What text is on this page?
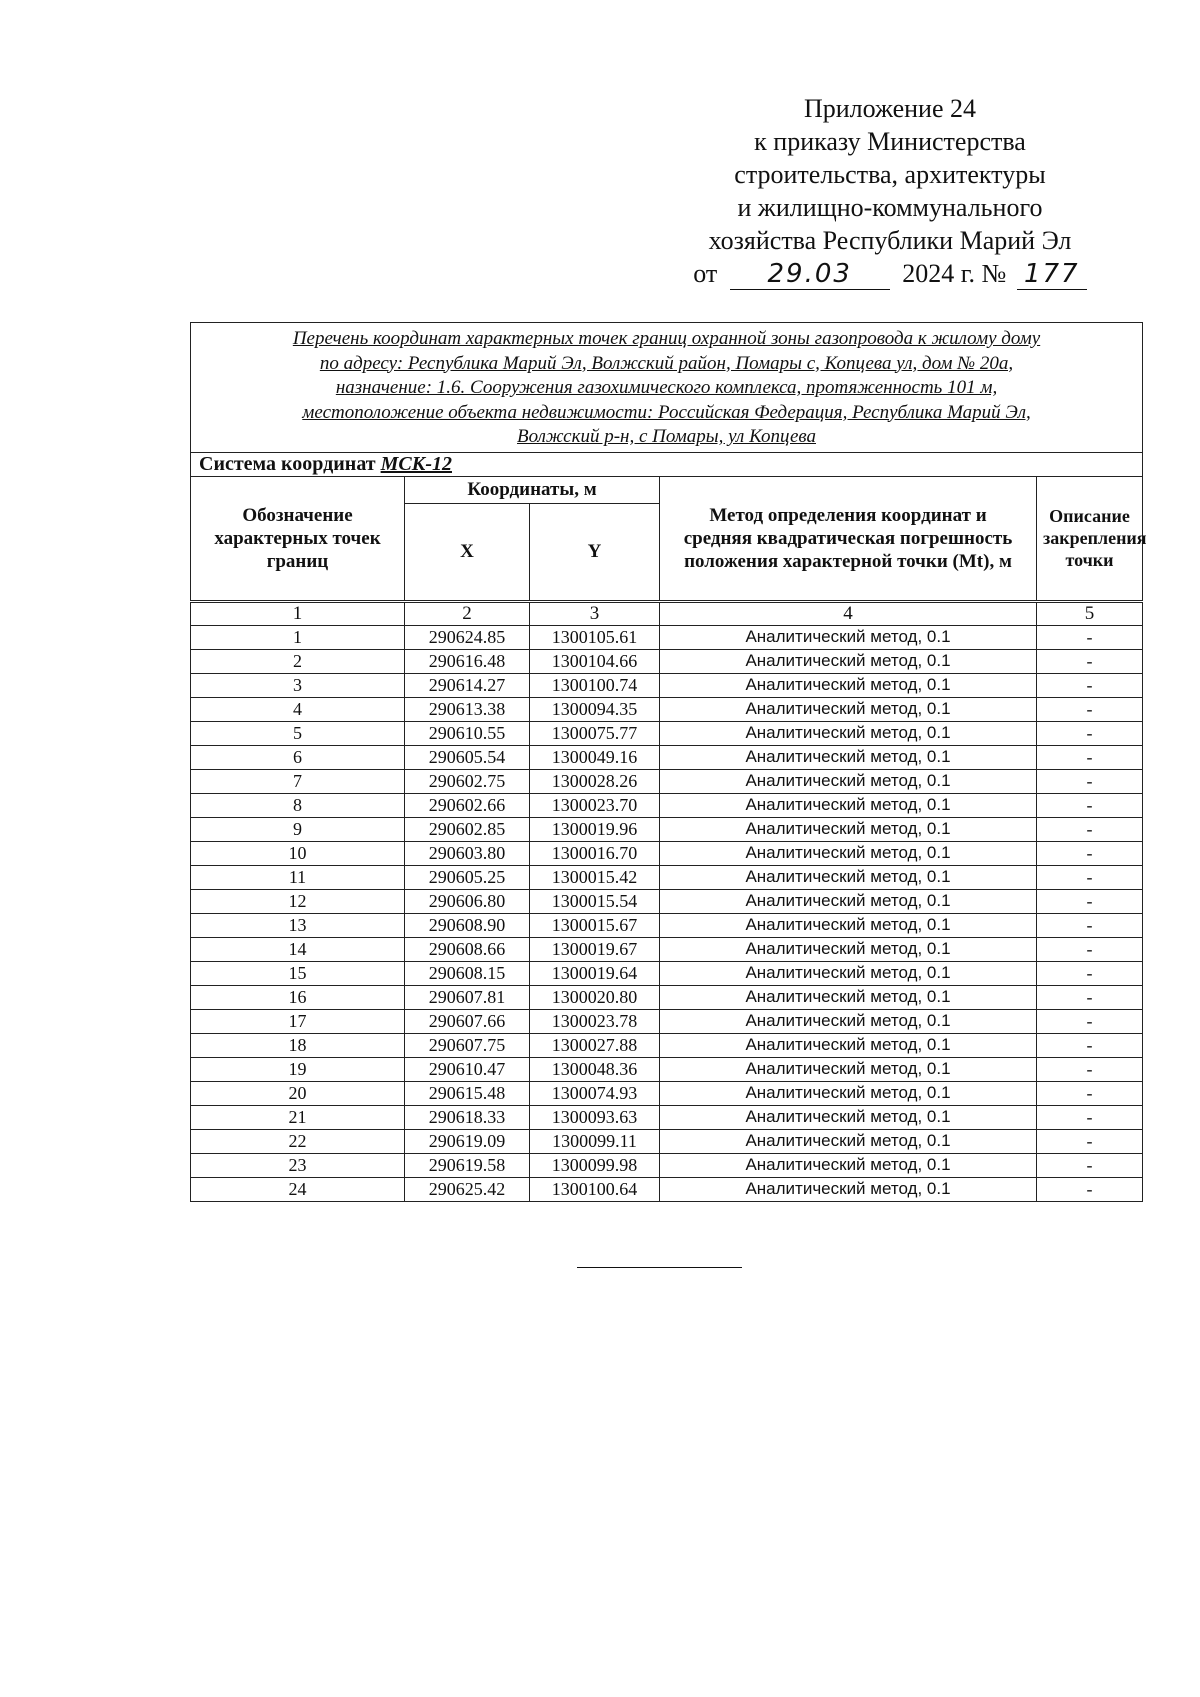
Приложение 24
к приказу Министерства
строительства, архитектуры
и жилищно-коммунального
хозяйства Республики Марий Эл
от 29.03 2024 г. № 177
Перечень координат характерных точек границ охранной зоны газопровода к жилому дому
по адресу: Республика Марий Эл, Волжский район, Помары с, Копцева ул, дом № 20а,
назначение: 1.6. Сооружения газохимического комплекса, протяженность 101 м,
местоположение объекта недвижимости: Российская Федерация, Республика Марий Эл,
Волжский р-н, с Помары, ул Копцева				

Система координат МСК-12				
Обозначение характерных точек границ	Координаты, м		Метод определения координат и средняя квадратическая погрешность положения характерной точки (Mt), м	Описание закрепления точки
	X	Y		
1	2	3	4	5
1	290624.85	1300105.61	Аналитический метод, 0.1	-
2	290616.48	1300104.66	Аналитический метод, 0.1	-
3	290614.27	1300100.74	Аналитический метод, 0.1	-
4	290613.38	1300094.35	Аналитический метод, 0.1	-
5	290610.55	1300075.77	Аналитический метод, 0.1	-
6	290605.54	1300049.16	Аналитический метод, 0.1	-
7	290602.75	1300028.26	Аналитический метод, 0.1	-
8	290602.66	1300023.70	Аналитический метод, 0.1	-
9	290602.85	1300019.96	Аналитический метод, 0.1	-
10	290603.80	1300016.70	Аналитический метод, 0.1	-
11	290605.25	1300015.42	Аналитический метод, 0.1	-
12	290606.80	1300015.54	Аналитический метод, 0.1	-
13	290608.90	1300015.67	Аналитический метод, 0.1	-
14	290608.66	1300019.67	Аналитический метод, 0.1	-
15	290608.15	1300019.64	Аналитический метод, 0.1	-
16	290607.81	1300020.80	Аналитический метод, 0.1	-
17	290607.66	1300023.78	Аналитический метод, 0.1	-
18	290607.75	1300027.88	Аналитический метод, 0.1	-
19	290610.47	1300048.36	Аналитический метод, 0.1	-
20	290615.48	1300074.93	Аналитический метод, 0.1	-
21	290618.33	1300093.63	Аналитический метод, 0.1	-
22	290619.09	1300099.11	Аналитический метод, 0.1	-
23	290619.58	1300099.98	Аналитический метод, 0.1	-
24	290625.42	1300100.64	Аналитический метод, 0.1	-
